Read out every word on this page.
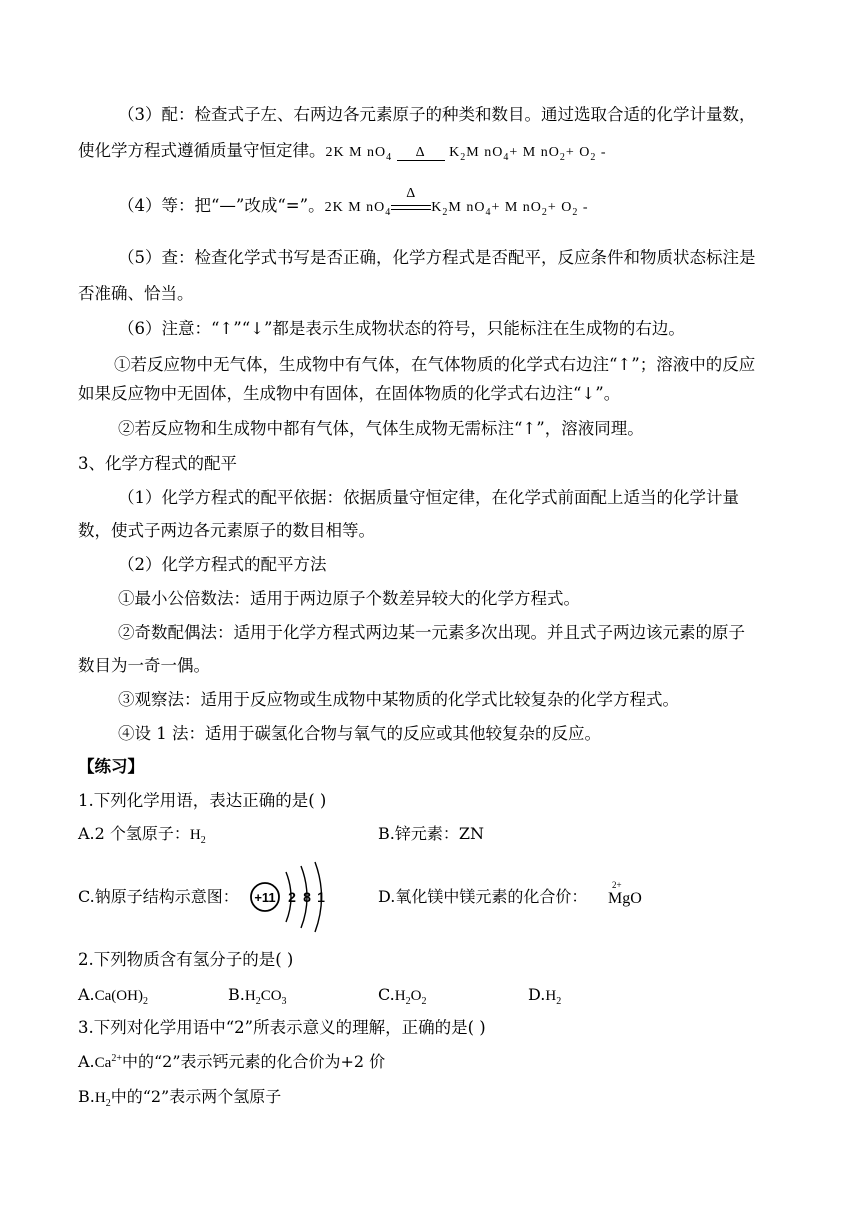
（3）配：检查式子左、右两边各元素原子的种类和数目。通过选取合适的化学计量数，
使化学方程式遵循质量守恒定律。2K M $nO_4$ Δ $K_2M$ $nO_4+ M$ $nO_2+ O_2$ -
（4）等：把“—”改成“=”。2K M $nO_4$
Δ
$K_2M$ $nO_4+ M$ $nO_2+ O_2$ -
（5）查：检查化学式书写是否正确，化学方程式是否配平，反应条件和物质状态标注是
否准确、恰当。
（6）注意：“↑”“↓”都是表示生成物状态的符号，只能标注在生成物的右边。
①若反应物中无气体，生成物中有气体，在气体物质的化学式右边注“↑”；溶液中的反应
如果反应物中无固体，生成物中有固体，在固体物质的化学式右边注“↓”。
②若反应物和生成物中都有气体，气体生成物无需标注“↑”，溶液同理。
3、化学方程式的配平
（1）化学方程式的配平依据：依据质量守恒定律，在化学式前面配上适当的化学计量
数，使式子两边各元素原子的数目相等。
（2）化学方程式的配平方法
①最小公倍数法：适用于两边原子个数差异较大的化学方程式。
②奇数配偶法：适用于化学方程式两边某一元素多次出现。并且式子两边该元素的原子
数目为一奇一偶。
③观察法：适用于反应物或生成物中某物质的化学式比较复杂的化学方程式。
④设 1 法：适用于碳氢化合物与氧气的反应或其他较复杂的反应。
【练习】
1.下列化学用语，表达正确的是( )
A.2 个氢原子：$H_2$	B.锌元素：ZN
C.钠原子结构示意图： +11 2 8 1	D.氧化镁中镁元素的化合价：
2+
MgO
2.下列物质含有氢分子的是( )
$A.Ca(OH)_2$	$B.H_2CO_3$	$C.H_2O_2$	$D.H_2$
3.下列对化学用语中“2”所表示意义的理解，正确的是( )
$A.Ca^{2+}$中的“2”表示钙元素的化合价为+2 价
$B.H_2$中的“2”表示两个氢原子
